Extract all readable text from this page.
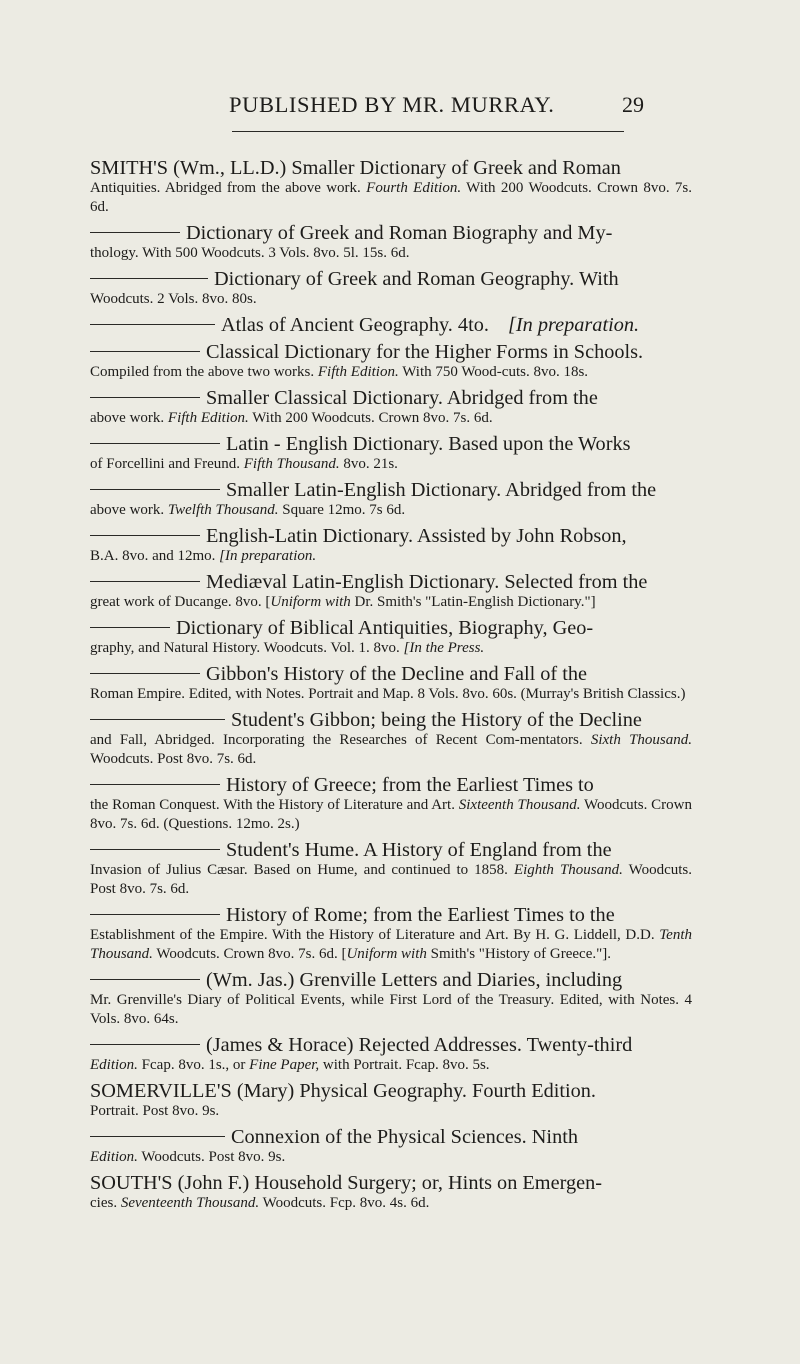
PUBLISHED BY MR. MURRAY.	29
SMITH'S (Wm., LL.D.) Smaller Dictionary of Greek and Roman
Antiquities. Abridged from the above work. Fourth Edition. With 200 Woodcuts. Crown 8vo. 7s. 6d.
Dictionary of Greek and Roman Biography and My-
thology. With 500 Woodcuts. 3 Vols. 8vo. 5l. 15s. 6d.
Dictionary of Greek and Roman Geography. With
Woodcuts. 2 Vols. 8vo. 80s.
Atlas of Ancient Geography. 4to. [In preparation.
Classical Dictionary for the Higher Forms in Schools.
Compiled from the above two works. Fifth Edition. With 750 Wood-cuts. 8vo. 18s.
Smaller Classical Dictionary. Abridged from the
above work. Fifth Edition. With 200 Woodcuts. Crown 8vo. 7s. 6d.
Latin - English Dictionary. Based upon the Works
of Forcellini and Freund. Fifth Thousand. 8vo. 21s.
Smaller Latin-English Dictionary. Abridged from the
above work. Twelfth Thousand. Square 12mo. 7s 6d.
English-Latin Dictionary. Assisted by John Robson,
B.A. 8vo. and 12mo. [In preparation.
Mediæval Latin-English Dictionary. Selected from the
great work of Ducange. 8vo. [Uniform with Dr. Smith's "Latin-English Dictionary."]
Dictionary of Biblical Antiquities, Biography, Geo-
graphy, and Natural History. Woodcuts. Vol. 1. 8vo. [In the Press.
Gibbon's History of the Decline and Fall of the
Roman Empire. Edited, with Notes. Portrait and Map. 8 Vols. 8vo. 60s. (Murray's British Classics.)
Student's Gibbon; being the History of the Decline
and Fall, Abridged. Incorporating the Researches of Recent Com-mentators. Sixth Thousand. Woodcuts. Post 8vo. 7s. 6d.
History of Greece; from the Earliest Times to
the Roman Conquest. With the History of Literature and Art. Sixteenth Thousand. Woodcuts. Crown 8vo. 7s. 6d. (Questions. 12mo. 2s.)
Student's Hume. A History of England from the
Invasion of Julius Cæsar. Based on Hume, and continued to 1858. Eighth Thousand. Woodcuts. Post 8vo. 7s. 6d.
History of Rome; from the Earliest Times to the
Establishment of the Empire. With the History of Literature and Art. By H. G. Liddell, D.D. Tenth Thousand. Woodcuts. Crown 8vo. 7s. 6d. [Uniform with Smith's "History of Greece."].
(Wm. Jas.) Grenville Letters and Diaries, including
Mr. Grenville's Diary of Political Events, while First Lord of the Treasury. Edited, with Notes. 4 Vols. 8vo. 64s.
(James & Horace) Rejected Addresses. Twenty-third
Edition. Fcap. 8vo. 1s., or Fine Paper, with Portrait. Fcap. 8vo. 5s.
SOMERVILLE'S (Mary) Physical Geography. Fourth Edition.
Portrait. Post 8vo. 9s.
Connexion of the Physical Sciences. Ninth
Edition. Woodcuts. Post 8vo. 9s.
SOUTH'S (John F.) Household Surgery; or, Hints on Emergen-
cies. Seventeenth Thousand. Woodcuts. Fcp. 8vo. 4s. 6d.
